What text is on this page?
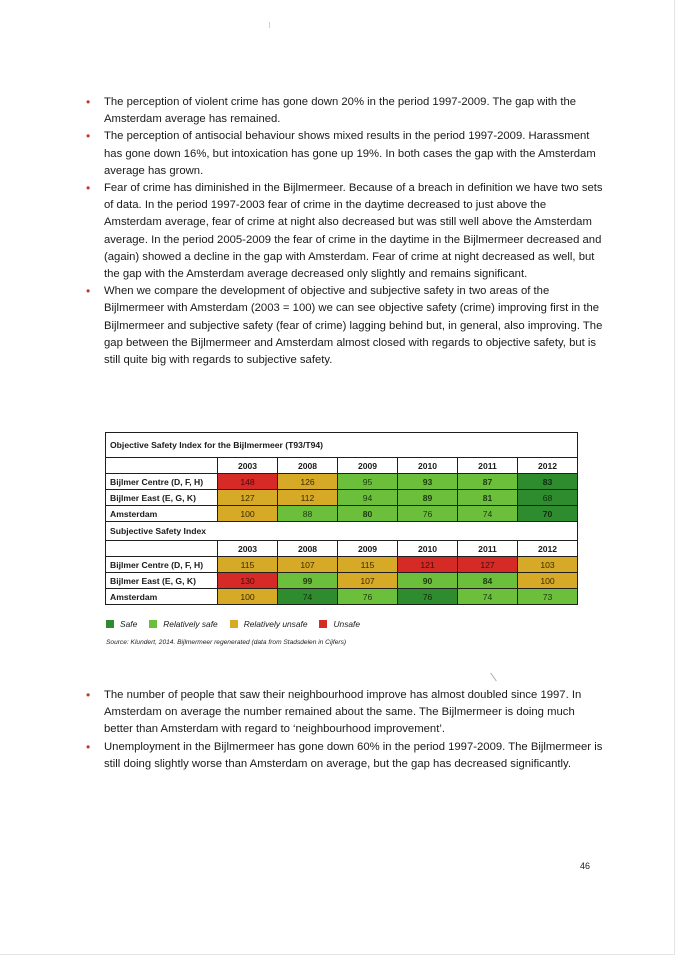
• The perception of violent crime has gone down 20% in the period 1997-2009. The gap with the Amsterdam average has remained.
• The perception of antisocial behaviour shows mixed results in the period 1997-2009. Harassment has gone down 16%, but intoxication has gone up 19%. In both cases the gap with the Amsterdam average has grown.
• Fear of crime has diminished in the Bijlmermeer. Because of a breach in definition we have two sets of data. In the period 1997-2003 fear of crime in the daytime decreased to just above the Amsterdam average, fear of crime at night also decreased but was still well above the Amsterdam average. In the period 2005-2009 the fear of crime in the daytime in the Bijlmermeer decreased and (again) showed a decline in the gap with Amsterdam. Fear of crime at night decreased as well, but the gap with the Amsterdam average decreased only slightly and remains significant.
• When we compare the development of objective and subjective safety in two areas of the Bijlmermeer with Amsterdam (2003 = 100) we can see objective safety (crime) improving first in the Bijlmermeer and subjective safety (fear of crime) lagging behind but, in general, also improving. The gap between the Bijlmermeer and Amsterdam almost closed with regards to objective safety, but is still quite big with regards to subjective safety.
Objective Safety Index for the Bijlmermeer (T93/T94)						
	2003	2008	2009	2010	2011	2012
Bijlmer Centre (D, F, H)	148	126	95	93	87	83
Bijlmer East (E, G, K)	127	112	94	89	81	68
Amsterdam	100	88	80	76	74	70
Subjective Safety Index						
	2003	2008	2009	2010	2011	2012
Bijlmer Centre (D, F, H)	115	107	115	121	127	103
Bijlmer East (E, G, K)	130	99	107	90	84	100
Amsterdam	100	74	76	76	74	73
Safe	Relatively safe	Relatively unsafe	Unsafe
Source: Klundert, 2014. Bijlmermeer regenerated (data from Stadsdelen in Cijfers)
• The number of people that saw their neighbourhood improve has almost doubled since 1997. In Amsterdam on average the number remained about the same. The Bijlmermeer is doing much better than Amsterdam with regard to ‘neighbourhood improvement’.
• Unemployment in the Bijlmermeer has gone down 60% in the period 1997-2009. The Bijlmermeer is still doing slightly worse than Amsterdam on average, but the gap has decreased significantly.
46
